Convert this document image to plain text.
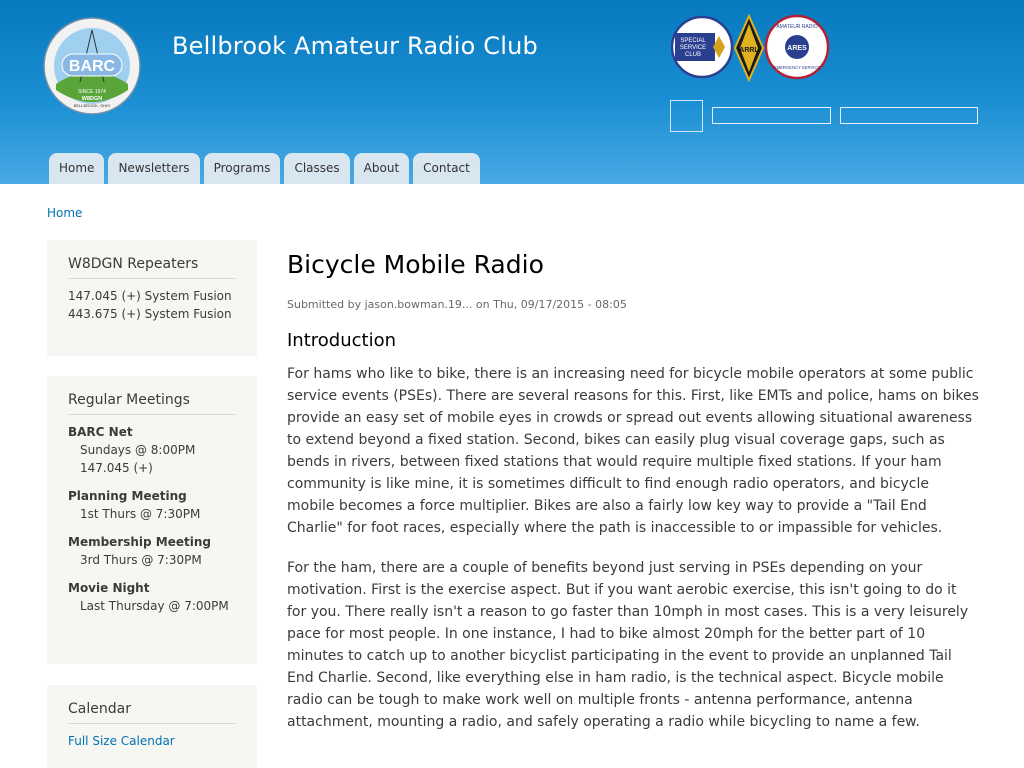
BARC
SINCE 1974
W8DGN
BELLBROOK, OHIO
Bellbrook Amateur Radio Club	SPECIAL
SERVICE
CLUB
ARRL	ARES
AMATEUR RADIO
EMERGENCY SERVICE
Home	Newsletters	Programs	Classes	About	Contact
Home
W8DGN Repeaters
147.045 (+) System Fusion
443.675 (+) System Fusion
Regular Meetings
BARC Net
Sundays @ 8:00PM
147.045 (+)
Planning Meeting
1st Thurs @ 7:30PM
Membership Meeting
3rd Thurs @ 7:30PM
Movie Night
Last Thursday @ 7:00PM
Calendar
Full Size Calendar
Bicycle Mobile Radio
Submitted by jason.bowman.19... on Thu, 09/17/2015 - 08:05
Introduction

For hams who like to bike, there is an increasing need for bicycle mobile operators at some public service events (PSEs). There are several reasons for this. First, like EMTs and police, hams on bikes provide an easy set of mobile eyes in crowds or spread out events allowing situational awareness to extend beyond a fixed station. Second, bikes can easily plug visual coverage gaps, such as bends in rivers, between fixed stations that would require multiple fixed stations. If your ham community is like mine, it is sometimes difficult to find enough radio operators, and bicycle mobile becomes a force multiplier. Bikes are also a fairly low key way to provide a "Tail End Charlie" for foot races, especially where the path is inaccessible to or impassible for vehicles.

For the ham, there are a couple of benefits beyond just serving in PSEs depending on your motivation. First is the exercise aspect. But if you want aerobic exercise, this isn't going to do it for you. There really isn't a reason to go faster than 10mph in most cases. This is a very leisurely pace for most people. In one instance, I had to bike almost 20mph for the better part of 10 minutes to catch up to another bicyclist participating in the event to provide an unplanned Tail End Charlie. Second, like everything else in ham radio, is the technical aspect. Bicycle mobile radio can be tough to make work well on multiple fronts - antenna performance, antenna attachment, mounting a radio, and safely operating a radio while bicycling to name a few.
